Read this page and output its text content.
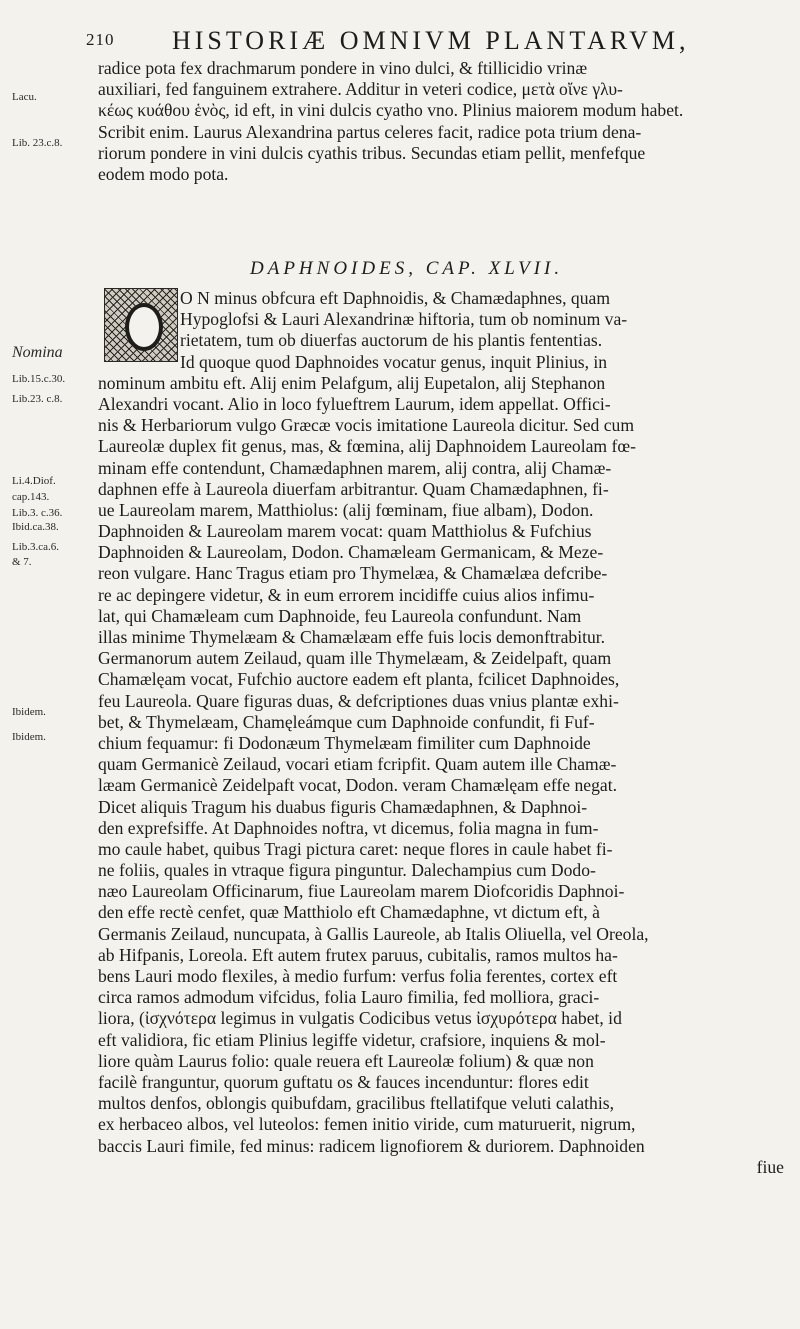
210 HISTORIÆ OMNIVM PLANTARVM,
Lacu.
Lib. 23.c.8.
Nomina
Lib.15.c.30.
Lib.23. c.8.
Li.4.Diof.
cap.143.
Lib.3. c.36.
Ibid.ca.38.
Lib.3.ca.6.
& 7.
Ibidem.
Ibidem.
radice pota fex drachmarum pondere in vino dulci, & ftillicidio vrinæ
auxiliari, fed fanguinem extrahere. Additur in veteri codice, μετὰ οἴνε γλυ-
κέως κυάθου ἑνὸς, id eft, in vini dulcis cyatho vno. Plinius maiorem modum habet.
Scribit enim. Laurus Alexandrina partus celeres facit, radice pota trium dena-
riorum pondere in vini dulcis cyathis tribus. Secundas etiam pellit, menfefque
eodem modo pota.
DAPHNOIDES, CAP. XLVII.
O N minus obfcura eft Daphnoidis, & Chamædaphnes, quam
Hypoglofsi & Lauri Alexandrinæ hiftoria, tum ob nominum va-
rietatem, tum ob diuerfas auctorum de his plantis fententias.
Id quoque quod Daphnoides vocatur genus, inquit Plinius, in
nominum ambitu eft. Alij enim Pelafgum, alij Eupetalon, alij Stephanon
Alexandri vocant. Alio in loco fylueftrem Laurum, idem appellat. Offici-
nis & Herbariorum vulgo Græcæ vocis imitatione Laureola dicitur. Sed cum
Laureolæ duplex fit genus, mas, & fœmina, alij Daphnoidem Laureolam fœ-
minam effe contendunt, Chamædaphnen marem, alij contra, alij Chamæ-
daphnen effe à Laureola diuerfam arbitrantur. Quam Chamædaphnen, fi-
ue Laureolam marem, Matthiolus: (alij fœminam, fiue albam), Dodon.
Daphnoiden & Laureolam marem vocat: quam Matthiolus & Fufchius
Daphnoiden & Laureolam, Dodon. Chamæleam Germanicam, & Meze-
reon vulgare. Hanc Tragus etiam pro Thymelæa, & Chamælæa defcribe-
re ac depingere videtur, & in eum errorem incidiffe cuius alios infimu-
lat, qui Chamæleam cum Daphnoide, feu Laureola confundunt. Nam
illas minime Thymelæam & Chamælæam effe fuis locis demonftrabitur.
Germanorum autem Zeilaud, quam ille Thymelæam, & Zeidelpaft, quam
Chamælęam vocat, Fufchio auctore eadem eft planta, fcilicet Daphnoides,
feu Laureola. Quare figuras duas, & defcriptiones duas vnius plantæ exhi-
bet, & Thymelæam, Chamęleámque cum Daphnoide confundit, fi Fuf-
chium fequamur: fi Dodonæum Thymelæam fimiliter cum Daphnoide
quam Germanicè Zeilaud, vocari etiam fcripfit. Quam autem ille Chamæ-
læam Germanicè Zeidelpaft vocat, Dodon. veram Chamælęam effe negat.
Dicet aliquis Tragum his duabus figuris Chamædaphnen, & Daphnoi-
den exprefsiffe. At Daphnoides noftra, vt dicemus, folia magna in fum-
mo caule habet, quibus Tragi pictura caret: neque flores in caule habet fi-
ne foliis, quales in vtraque figura pinguntur. Dalechampius cum Dodo-
næo Laureolam Officinarum, fiue Laureolam marem Diofcoridis Daphnoi-
den effe rectè cenfet, quæ Matthiolo eft Chamædaphne, vt dictum eft, à
Germanis Zeilaud, nuncupata, à Gallis Laureole, ab Italis Oliuella, vel Oreola,
ab Hifpanis, Loreola. Eft autem frutex paruus, cubitalis, ramos multos ha-
bens Lauri modo flexiles, à medio furfum: verfus folia ferentes, cortex eft
circa ramos admodum vifcidus, folia Lauro fimilia, fed molliora, graci-
liora, (ἰσχνότερα legimus in vulgatis Codicibus vetus ἰσχυρότερα habet, id
eft validiora, fic etiam Plinius legiffe videtur, crafsiore, inquiens & mol-
liore quàm Laurus folio: quale reuera eft Laureolæ folium) & quæ non
facilè franguntur, quorum guftatu os & fauces incenduntur: flores edit
multos denfos, oblongis quibufdam, gracilibus ftellatifque veluti calathis,
ex herbaceo albos, vel luteolos: femen initio viride, cum maturuerit, nigrum,
baccis Lauri fimile, fed minus: radicem lignofiorem & duriorem. Daphnoiden
fiue
